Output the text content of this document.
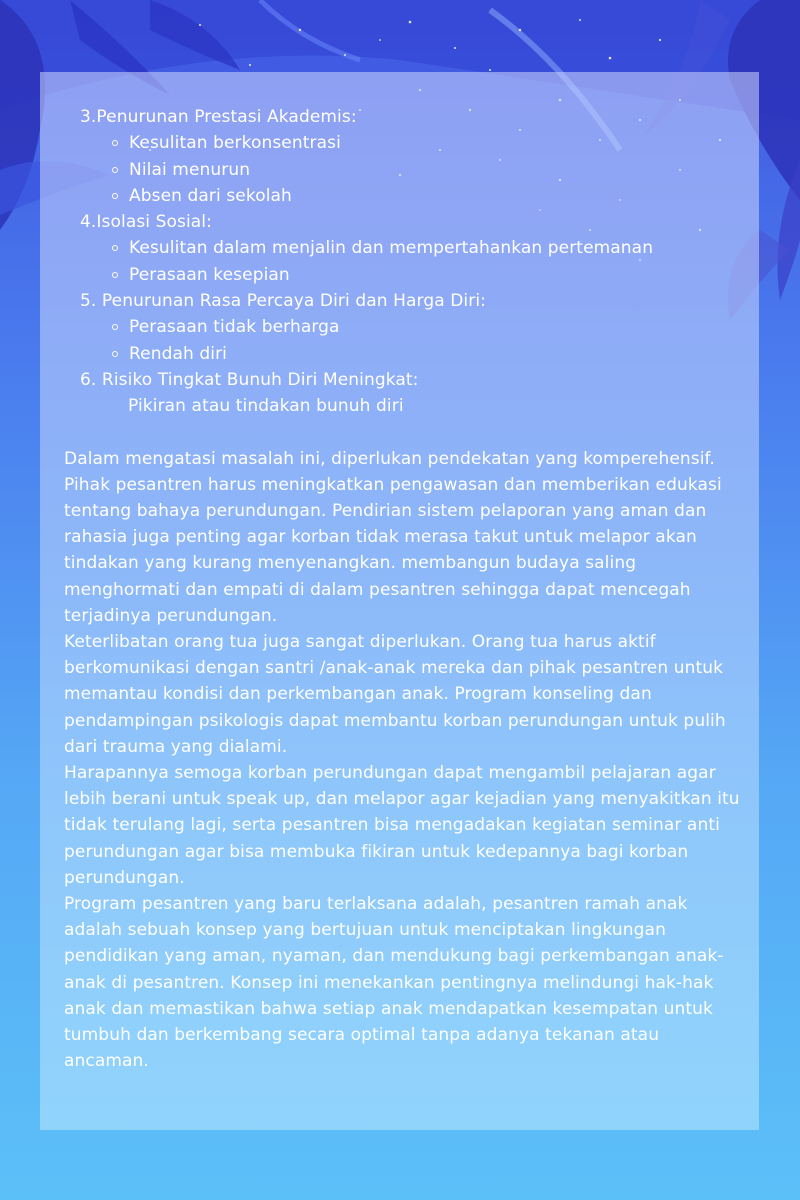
3.Penurunan Prestasi Akademis:
Kesulitan berkonsentrasi
Nilai menurun
Absen dari sekolah
4.Isolasi Sosial:
Kesulitan dalam menjalin dan mempertahankan pertemanan
Perasaan kesepian
5. Penurunan Rasa Percaya Diri dan Harga Diri:
Perasaan tidak berharga
Rendah diri
6. Risiko Tingkat Bunuh Diri Meningkat:
Pikiran atau tindakan bunuh diri

Dalam mengatasi masalah ini, diperlukan pendekatan yang komperehensif. Pihak pesantren harus meningkatkan pengawasan dan memberikan edukasi tentang bahaya perundungan. Pendirian sistem pelaporan yang aman dan rahasia juga penting agar korban tidak merasa takut untuk melapor akan tindakan yang kurang menyenangkan. membangun budaya saling menghormati dan empati di dalam pesantren sehingga dapat mencegah terjadinya perundungan.

Keterlibatan orang tua juga sangat diperlukan. Orang tua harus aktif berkomunikasi dengan santri /anak-anak mereka dan pihak pesantren untuk memantau kondisi dan perkembangan anak. Program konseling dan pendampingan psikologis dapat membantu korban perundungan untuk pulih dari trauma yang dialami.

Harapannya semoga korban perundungan dapat mengambil pelajaran agar lebih berani untuk speak up, dan melapor agar kejadian yang menyakitkan itu tidak terulang lagi, serta pesantren bisa mengadakan kegiatan seminar anti perundungan agar bisa membuka fikiran untuk kedepannya bagi korban perundungan.

Program pesantren yang baru terlaksana adalah, pesantren ramah anak adalah sebuah konsep yang bertujuan untuk menciptakan lingkungan pendidikan yang aman, nyaman, dan mendukung bagi perkembangan anak-anak di pesantren. Konsep ini menekankan pentingnya melindungi hak-hak anak dan memastikan bahwa setiap anak mendapatkan kesempatan untuk tumbuh dan berkembang secara optimal tanpa adanya tekanan atau ancaman.
